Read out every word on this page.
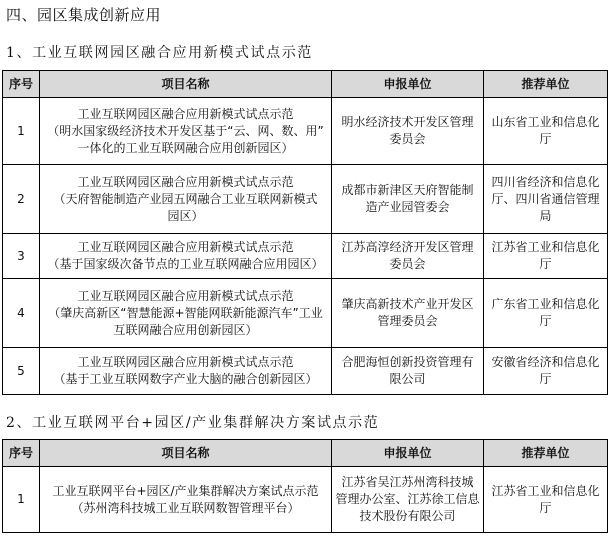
四、园区集成创新应用
1、工业互联网园区融合应用新模式试点示范
序号	项目名称	申报单位	推荐单位
1	工业互联网园区融合应用新模式试点示范
（明水国家级经济技术开发区基于“云、网、数、用”
一体化的工业互联网融合应用创新园区）	明水经济技术开发区管理
委员会	山东省工业和信息化
厅

2	工业互联网园区融合应用新模式试点示范
（天府智能制造产业园五网融合工业互联网新模式
园区）	成都市新津区天府智能制
造产业园管委会	四川省经济和信息化
厅、四川省通信管理
局

3	工业互联网园区融合应用新模式试点示范
（基于国家级次备节点的工业互联网融合应用园区）	江苏高淳经济开发区管理
委员会	江苏省工业和信息化
厅

4	工业互联网园区融合应用新模式试点示范
（肇庆高新区“智慧能源+智能网联新能源汽车”工业
互联网融合应用创新园区）	肇庆高新技术产业开发区
管理委员会	广东省工业和信息化
厅

5	工业互联网园区融合应用新模式试点示范
（基于工业互联网数字产业大脑的融合创新园区）	合肥海恒创新投资管理有
限公司	安徽省经济和信息化
厅
2、工业互联网平台+园区/产业集群解决方案试点示范
序号	项目名称	申报单位	推荐单位
1	工业互联网平台+园区/产业集群解决方案试点示范
（苏州湾科技城工业互联网数智管理平台）	江苏省吴江苏州湾科技城
管理办公室、江苏徐工信息
技术股份有限公司	江苏省工业和信息化
厅
